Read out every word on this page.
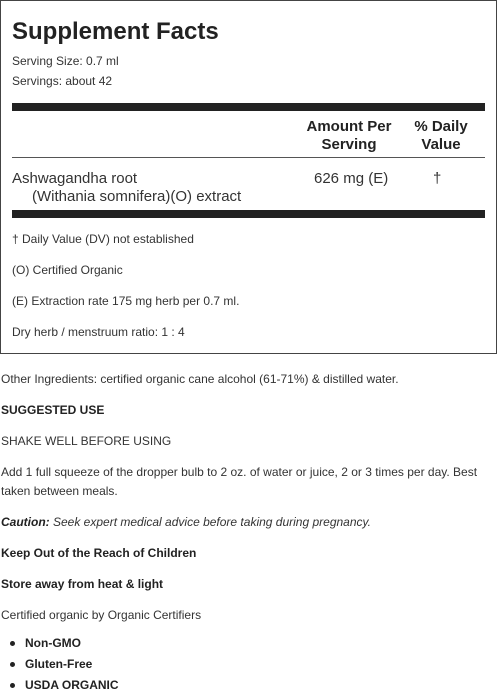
Supplement Facts
Serving Size: 0.7 ml
Servings: about 42
Amount Per Serving
% Daily Value
Ashwagandha root
(Withania somnifera)(O) extract
626 mg (E)	†
† Daily Value (DV) not established
(O) Certified Organic
(E) Extraction rate 175 mg herb per 0.7 ml.
Dry herb / menstruum ratio: 1 : 4
Other Ingredients: certified organic cane alcohol (61-71%) & distilled water.
SUGGESTED USE
SHAKE WELL BEFORE USING
Add 1 full squeeze of the dropper bulb to 2 oz. of water or juice, 2 or 3 times per day. Best taken between meals.
Caution: Seek expert medical advice before taking during pregnancy.
Keep Out of the Reach of Children
Store away from heat & light
Certified organic by Organic Certifiers
Non-GMO
Gluten-Free
USDA ORGANIC
